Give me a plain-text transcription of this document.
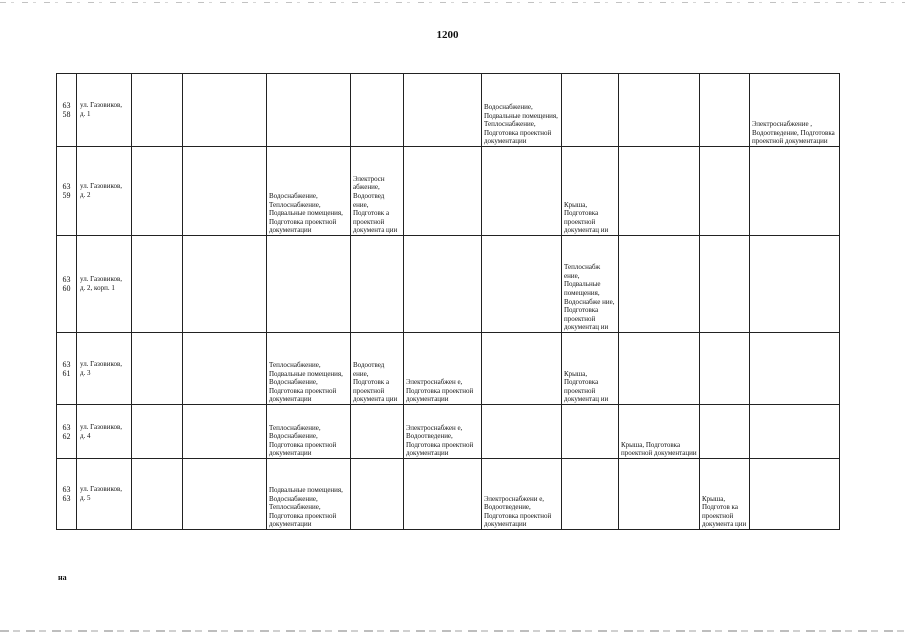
1200
63
58	ул. Газовиков, д. 1						Водоснабжение, Подвальные помещения, Теплоснабжение, Подготовка проектной документации				Электроснабжение , Водоотведение, Подготовка проектной документации

63
59	ул. Газовиков, д. 2			Водоснабжение, Теплоснабжение, Подвальные помещения, Подготовка проектной документации	Электросн абжение, Водоотвед ение, Подготовк а проектной документа ции			Крыша, Подготовка проектной документац ии			

63
60	ул. Газовиков, д. 2, корп. 1							Теплоснабж ение, Подвальные помещения, Водоснабже ние, Подготовка проектной документац ии			

63
61	ул. Газовиков, д. 3			Теплоснабжение, Подвальные помещения, Водоснабжение, Подготовка проектной документации	Водоотвед ение, Подготовк а проектной документа ции	Электроснабжен е, Подготовка проектной документации		Крыша, Подготовка проектной документац ии			

63
62	ул. Газовиков, д. 4			Теплоснабжение, Водоснабжение, Подготовка проектной документации		Электроснабжен е, Водоотведение, Подготовка проектной документации			Крыша, Подготовка проектной документации		

63
63	ул. Газовиков, д. 5			Подвальные помещения, Водоснабжение, Теплоснабжение, Подготовка проектной документации			Электроснабжени е, Водоотведение, Подготовка проектной документации			Крыша, Подготов ка проектной документа ции	
на
